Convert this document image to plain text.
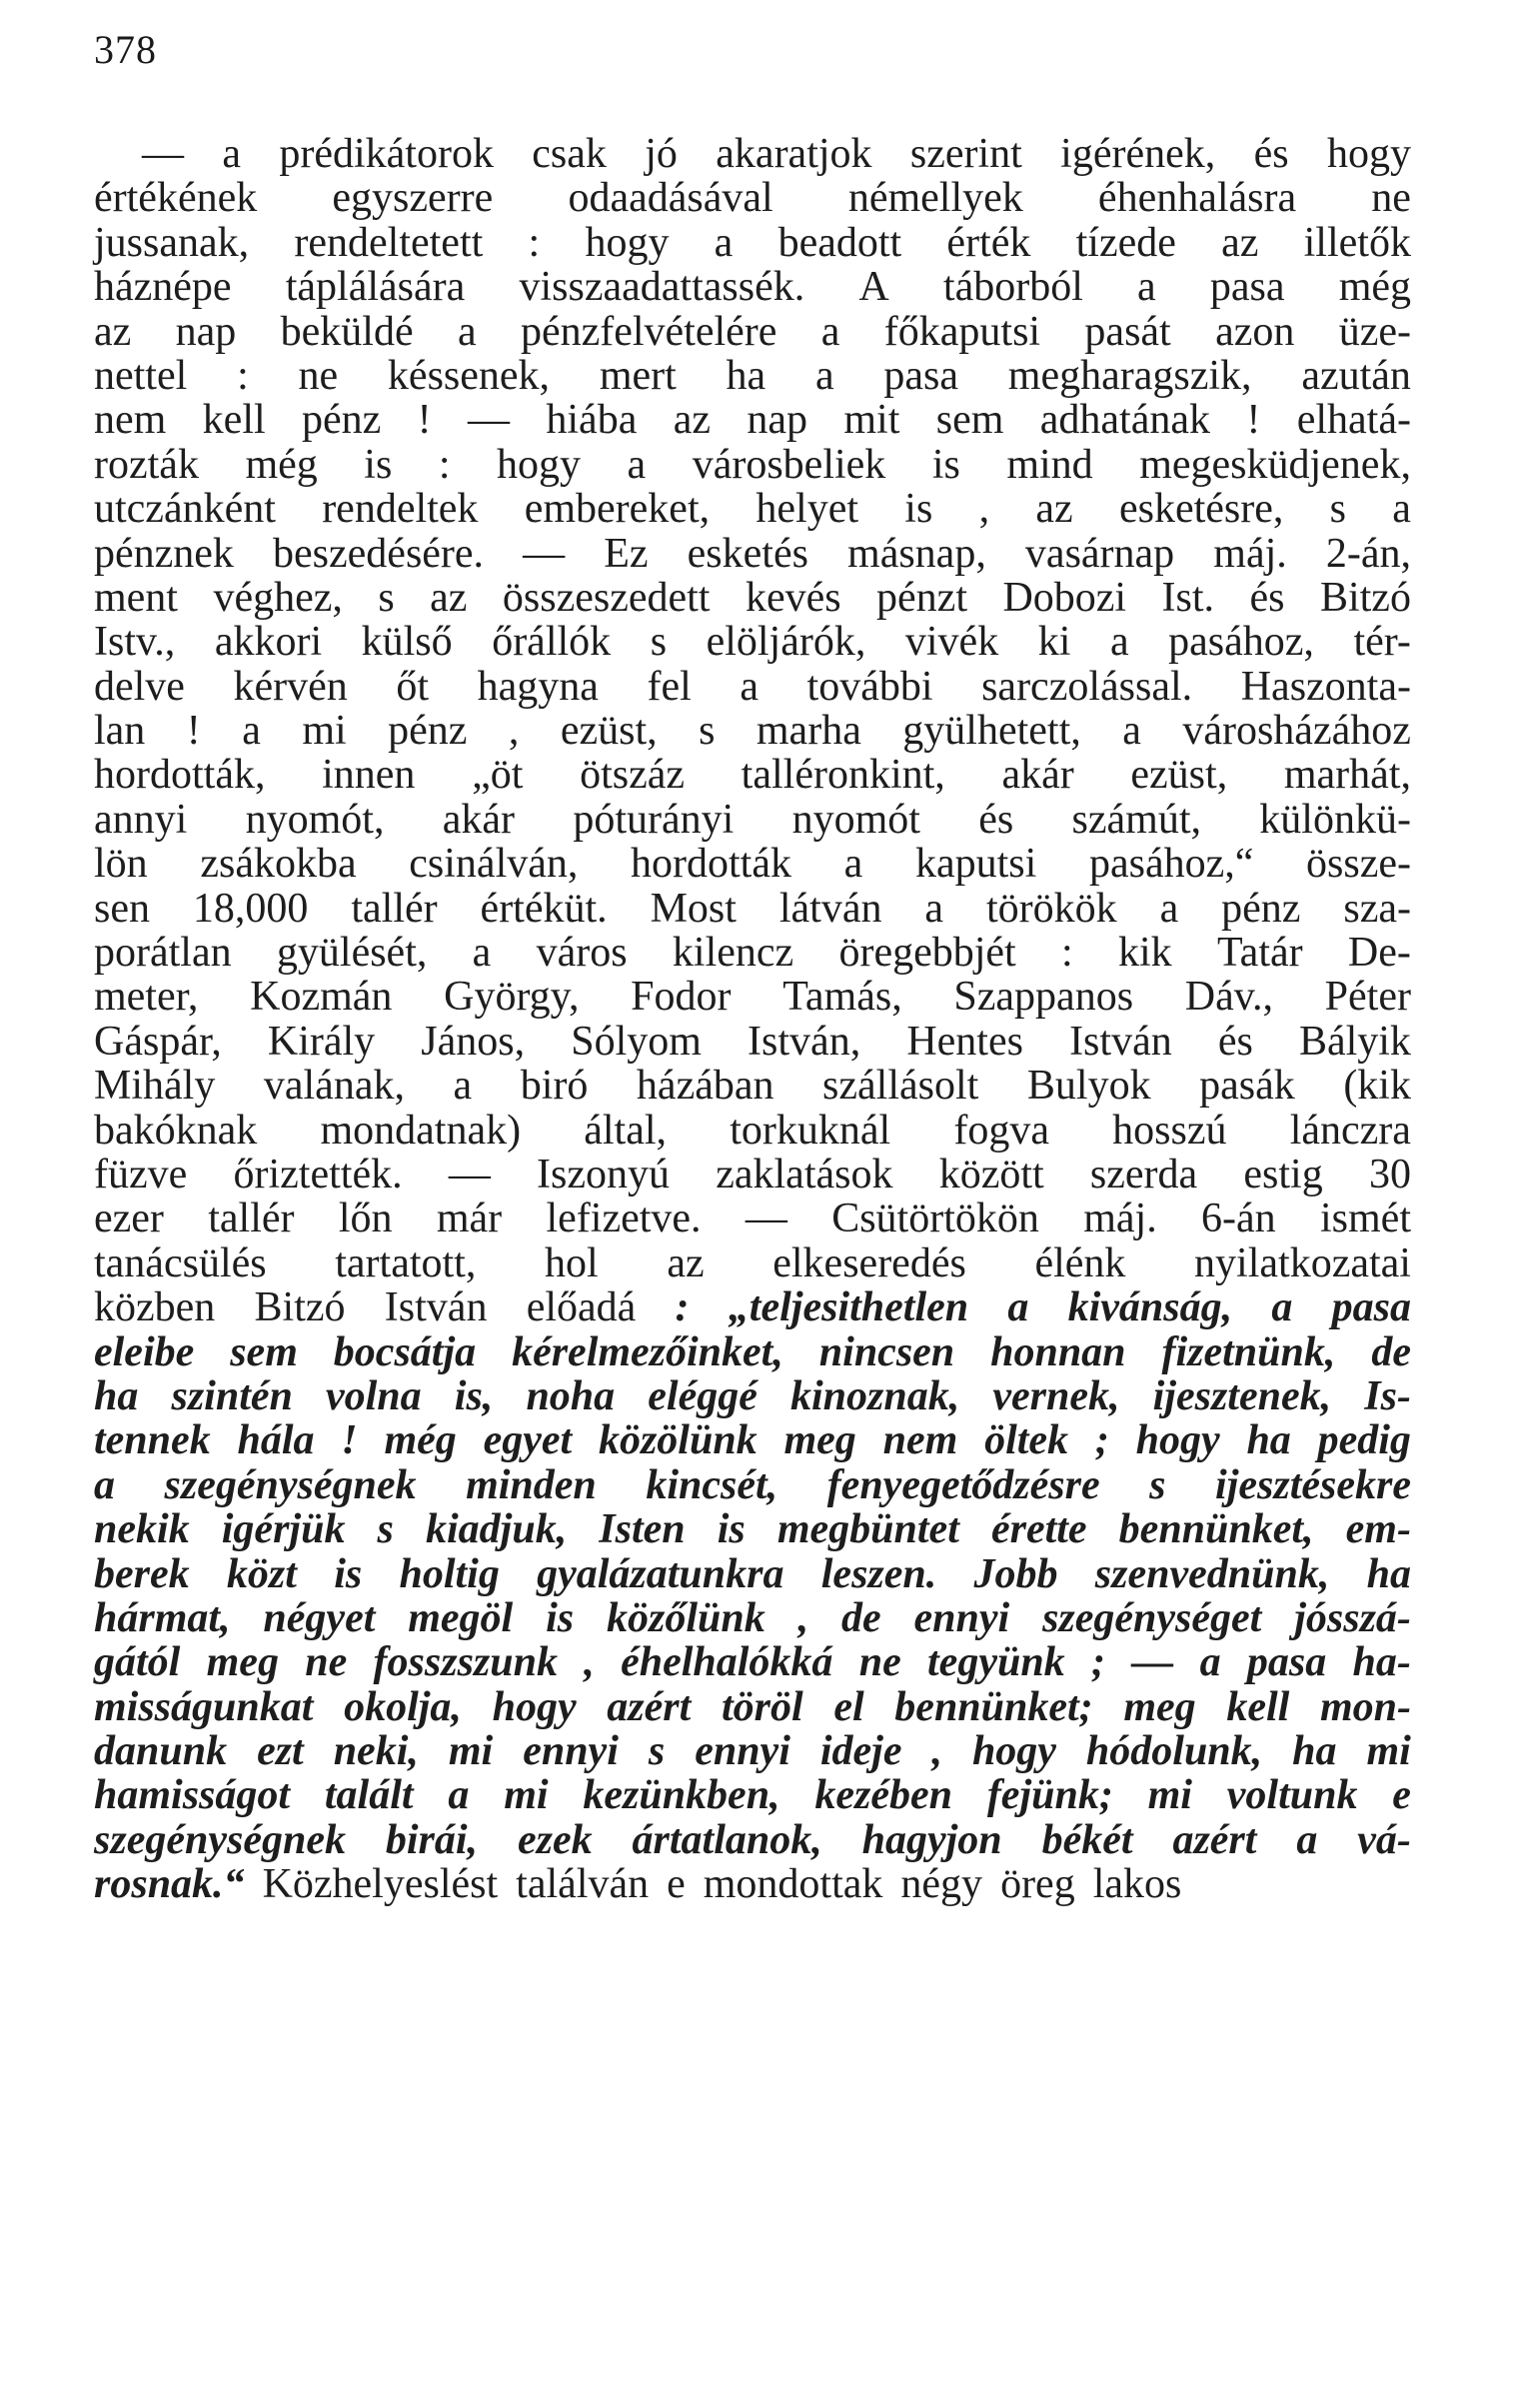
378
— a prédikátorok csak jó akaratjok szerint igérének, és hogy
értékének egyszerre odaadásával némellyek éhenhalásra ne
jussanak, rendeltetett : hogy a beadott érték tízede az illetők
háznépe táplálására visszaadattassék. A táborból a pasa még
az nap beküldé a pénzfelvételére a főkaputsi pasát azon üze-
nettel : ne késsenek, mert ha a pasa megharagszik, azután
nem kell pénz ! — hiába az nap mit sem adhatának ! elhatá-
rozták még is : hogy a városbeliek is mind megesküdjenek,
utczánként rendeltek embereket, helyet is , az esketésre, s a
pénznek beszedésére. — Ez esketés másnap, vasárnap máj. 2-án,
ment véghez, s az összeszedett kevés pénzt Dobozi Ist. és Bitzó
Istv., akkori külső őrállók s elöljárók, vivék ki a pasához, tér-
delve kérvén őt hagyna fel a további sarczolással. Haszonta-
lan ! a mi pénz , ezüst, s marha gyülhetett, a városházához
hordották, innen „öt ötszáz talléronkint, akár ezüst, marhát,
annyi nyomót, akár póturányi nyomót és számút, különkü-
lön zsákokba csinálván, hordották a kaputsi pasához,“ össze-
sen 18,000 tallér értéküt. Most látván a törökök a pénz sza-
porátlan gyülését, a város kilencz öregebbjét : kik Tatár De-
meter, Kozmán György, Fodor Tamás, Szappanos Dáv., Péter
Gáspár, Király János, Sólyom István, Hentes István és Bályik
Mihály valának, a biró házában szállásolt Bulyok pasák (kik
bakóknak mondatnak) által, torkuknál fogva hosszú lánczra
füzve őriztették. — Iszonyú zaklatások között szerda estig 30
ezer tallér lőn már lefizetve. — Csütörtökön máj. 6-án ismét
tanácsülés tartatott, hol az elkeseredés élénk nyilatkozatai
közben Bitzó István előadá : „teljesithetlen a kivánság, a pasa
eleibe sem bocsátja kérelmezőinket, nincsen honnan fizetnünk, de
ha szintén volna is, noha eléggé kinoznak, vernek, ijesztenek, Is-
tennek hála ! még egyet közölünk meg nem öltek ; hogy ha pedig
a szegénységnek minden kincsét, fenyegetődzésre s ijesztésekre
nekik igérjük s kiadjuk, Isten is megbüntet érette bennünket, em-
berek közt is holtig gyalázatunkra leszen. Jobb szenvednünk, ha
hármat, négyet megöl is közőlünk , de ennyi szegénységet jósszá-
gától meg ne fosszszunk , éhelhalókká ne tegyünk ; — a pasa ha-
misságunkat okolja, hogy azért töröl el bennünket; meg kell mon-
danunk ezt neki, mi ennyi s ennyi ideje , hogy hódolunk, ha mi
hamisságot talált a mi kezünkben, kezében fejünk; mi voltunk e
szegénységnek birái, ezek ártatlanok, hagyjon békét azért a vá-
rosnak.“ Közhelyeslést találván e mondottak négy öreg lakos
